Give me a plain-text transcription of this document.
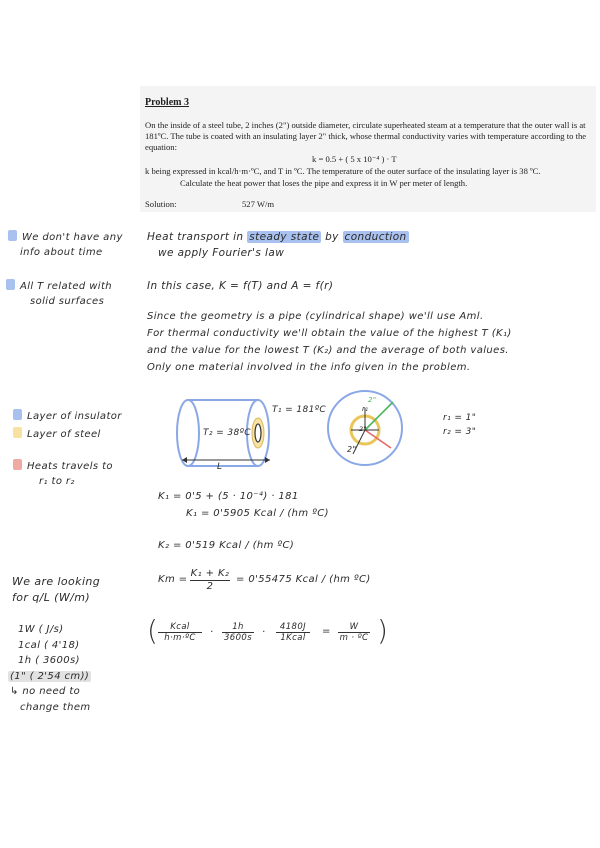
Problem 3
On the inside of a steel tube, 2 inches (2") outside diameter, circulate superheated steam at a temperature that the outer wall is at 181ºC. The tube is coated with an insulating layer 2" thick, whose thermal conductivity varies with temperature according to the equation:
k = 0.5 + ( 5 x 10⁻⁴ ) · T
k being expressed in kcal/h·m·ºC, and T in ºC. The temperature of the outer surface of the insulating layer is 38 ºC.
Calculate the heat power that loses the pipe and express it in W per meter of length.
Solution:	527 W/m
We don't have any
info about time
All T related with
solid surfaces
Layer of insulator
Layer of steel
Heats travels to
r₁ to r₂
We are looking
for q/L (W/m)
1W ( J/s)
1cal ( 4'18)
1h ( 3600s)
(1" ( 2'54 cm))
↳ no need to
change them
Heat transport in steady state by conduction
we apply Fourier's law
In this case, K = f(T) and A = f(r)
Since the geometry is a pipe (cylindrical shape) we'll use Aml.
For thermal conductivity we'll obtain the value of the highest T (K₁)
and the value for the lowest T (K₂) and the average of both values.
Only one material involved in the info given in the problem.
T₂ = 38ºC
T₁ = 181ºC
L
r₁
2"
2"
2"
r₁ = 1"
r₂ = 3"
K₁ = 0'5 + (5 · 10⁻⁴) · 181
K₁ = 0'5905 Kcal / (hm ºC)
K₂ = 0'519 Kcal / (hm ºC)
$Km = \frac{\text{K₁ + K₂}}{2} = 0'55475$ Kcal / (hm ºC)
(	)
Kcal
h·m·ºC	· $\frac{1h}{3600s}$ ·	4180J
1Kcal
= $\frac{W}{\text{m · ºC}}$
